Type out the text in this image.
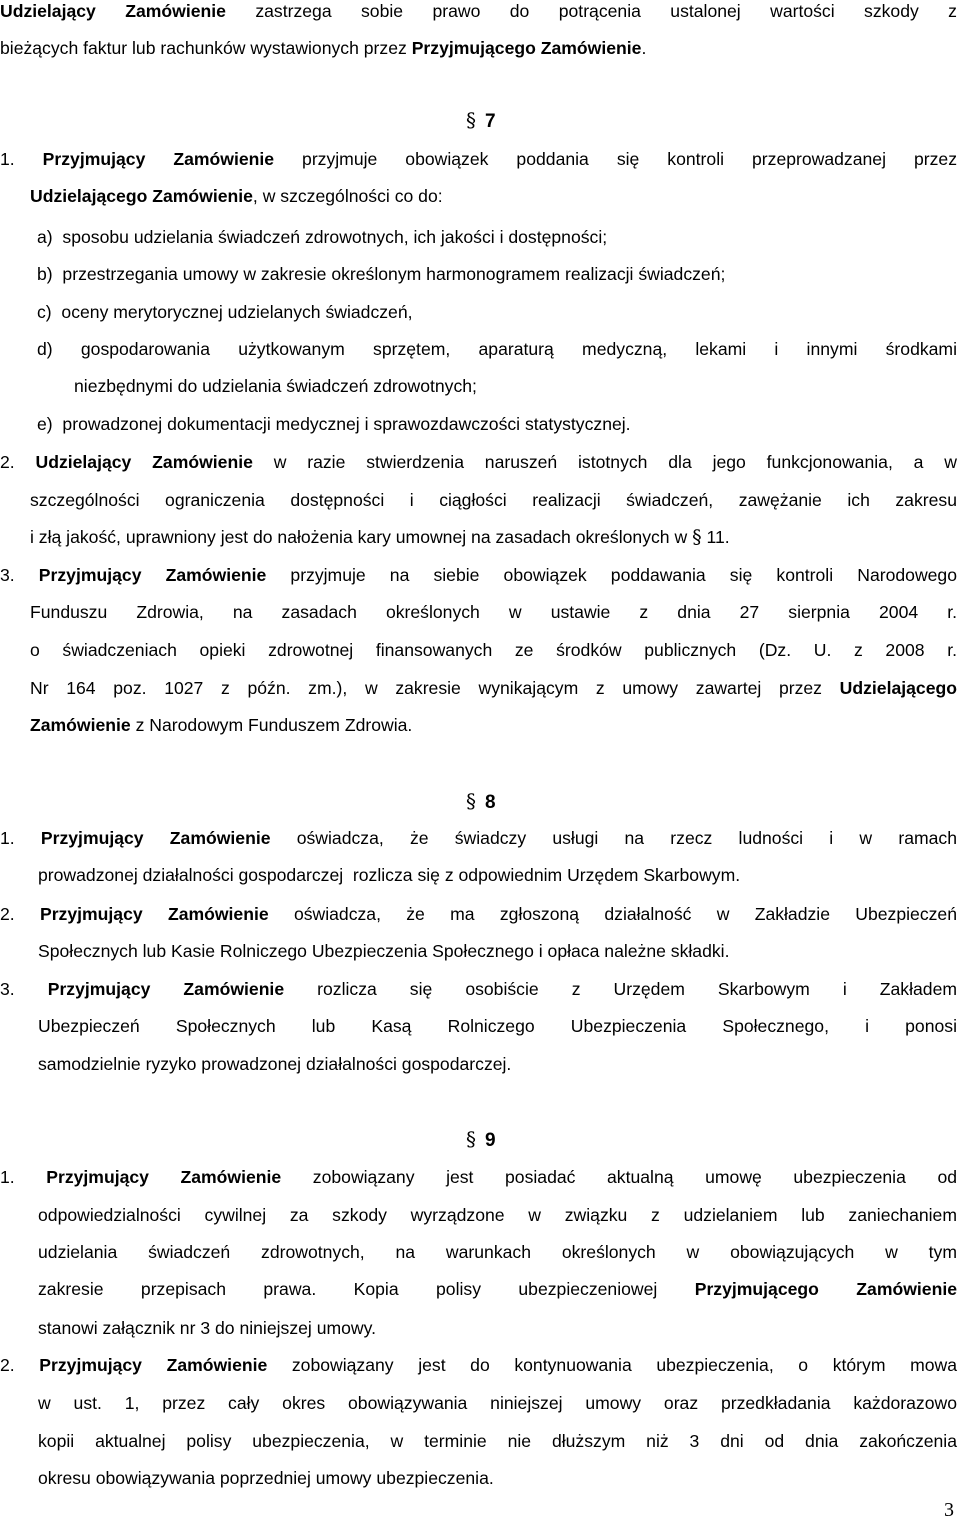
Udzielający Zamówienie zastrzega sobie prawo do potrącenia ustalonej wartości szkody z
bieżących faktur lub rachunków wystawionych przez Przyjmującego Zamówienie.
§ 7
1. Przyjmujący Zamówienie przyjmuje obowiązek poddania się kontroli przeprowadzanej przez
Udzielającego Zamówienie, w szczególności co do:
a)  sposobu udzielania świadczeń zdrowotnych, ich jakości i dostępności;
b)  przestrzegania umowy w zakresie określonym harmonogramem realizacji świadczeń;
c)  oceny merytorycznej udzielanych świadczeń,
d) gospodarowania użytkowanym sprzętem, aparaturą medyczną, lekami i innymi środkami
niezbędnymi do udzielania świadczeń zdrowotnych;
e)  prowadzonej dokumentacji medycznej i sprawozdawczości statystycznej.
2. Udzielający Zamówienie w razie stwierdzenia naruszeń istotnych dla jego funkcjonowania, a w
szczególności ograniczenia dostępności i ciągłości realizacji świadczeń, zawężanie ich zakresu
i złą jakość, uprawniony jest do nałożenia kary umownej na zasadach określonych w § 11.
3. Przyjmujący Zamówienie przyjmuje na siebie obowiązek poddawania się kontroli Narodowego
Funduszu Zdrowia, na zasadach określonych w ustawie z dnia 27 sierpnia 2004 r.
o świadczeniach opieki zdrowotnej finansowanych ze środków publicznych (Dz. U. z 2008 r.
Nr 164 poz. 1027 z późn. zm.), w zakresie wynikającym z umowy zawartej przez Udzielającego
Zamówienie z Narodowym Funduszem Zdrowia.
§ 8
1. Przyjmujący Zamówienie oświadcza, że świadczy usługi na rzecz ludności i w ramach
prowadzonej działalności gospodarczej  rozlicza się z odpowiednim Urzędem Skarbowym.
2. Przyjmujący Zamówienie oświadcza, że ma zgłoszoną działalność w Zakładzie Ubezpieczeń
Społecznych lub Kasie Rolniczego Ubezpieczenia Społecznego i opłaca należne składki.
3. Przyjmujący Zamówienie rozlicza się osobiście z Urzędem Skarbowym i Zakładem
Ubezpieczeń Społecznych lub Kasą Rolniczego Ubezpieczenia Społecznego, i ponosi
samodzielnie ryzyko prowadzonej działalności gospodarczej.
§ 9
1. Przyjmujący Zamówienie zobowiązany jest posiadać aktualną umowę ubezpieczenia od
odpowiedzialności cywilnej za szkody wyrządzone w związku z udzielaniem lub zaniechaniem
udzielania świadczeń zdrowotnych, na warunkach określonych w obowiązujących w tym
zakresie przepisach prawa. Kopia polisy ubezpieczeniowej Przyjmującego Zamówienie
stanowi załącznik nr 3 do niniejszej umowy.
2. Przyjmujący Zamówienie zobowiązany jest do kontynuowania ubezpieczenia, o którym mowa
w ust. 1, przez cały okres obowiązywania niniejszej umowy oraz przedkładania każdorazowo
kopii aktualnej polisy ubezpieczenia, w terminie nie dłuższym niż 3 dni od dnia zakończenia
okresu obowiązywania poprzedniej umowy ubezpieczenia.
3
